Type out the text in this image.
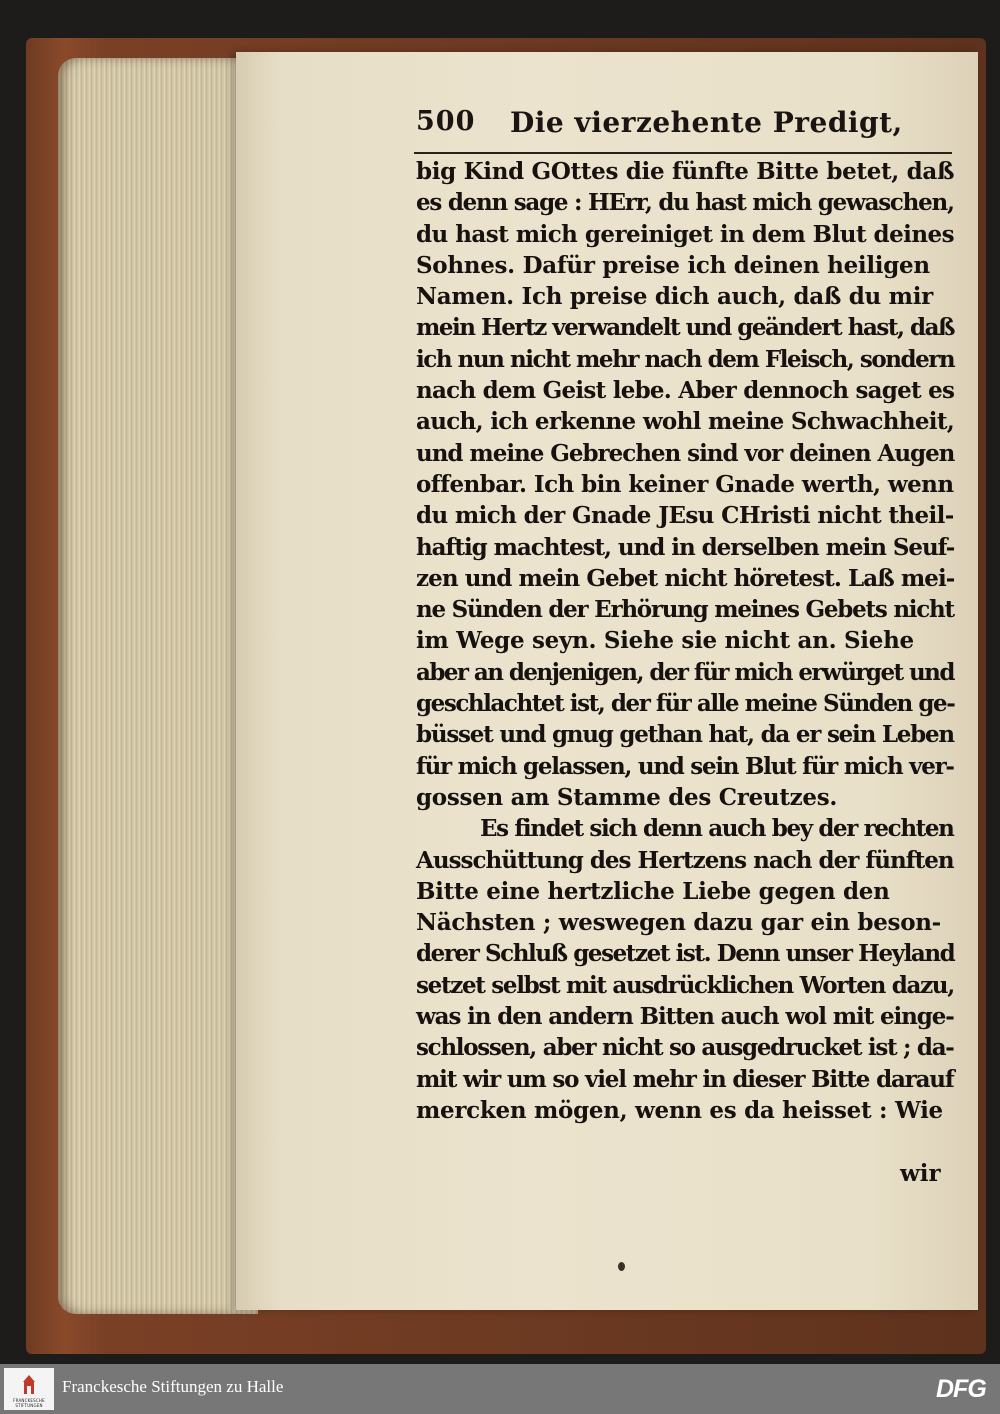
500 Die vierzehente Predigt,
big Kind GOttes die fünfte Bitte betet, daß
es denn sage : HErr, du hast mich gewaschen,
du hast mich gereiniget in dem Blut deines
Sohnes. Dafür preise ich deinen heiligen
Namen. Ich preise dich auch, daß du mir
mein Hertz verwandelt und geändert hast, daß
ich nun nicht mehr nach dem Fleisch, sondern
nach dem Geist lebe. Aber dennoch saget es
auch, ich erkenne wohl meine Schwachheit,
und meine Gebrechen sind vor deinen Augen
offenbar. Ich bin keiner Gnade werth, wenn
du mich der Gnade JEsu CHristi nicht theil-
haftig machtest, und in derselben mein Seuf-
zen und mein Gebet nicht höretest. Laß mei-
ne Sünden der Erhörung meines Gebets nicht
im Wege seyn. Siehe sie nicht an. Siehe
aber an denjenigen, der für mich erwürget und
geschlachtet ist, der für alle meine Sünden ge-
büsset und gnug gethan hat, da er sein Leben
für mich gelassen, und sein Blut für mich ver-
gossen am Stamme des Creutzes.
Es findet sich denn auch bey der rechten
Ausschüttung des Hertzens nach der fünften
Bitte eine hertzliche Liebe gegen den
Nächsten ; weswegen dazu gar ein beson-
derer Schluß gesetzet ist. Denn unser Heyland
setzet selbst mit ausdrücklichen Worten dazu,
was in den andern Bitten auch wol mit einge-
schlossen, aber nicht so ausgedrucket ist ; da-
mit wir um so viel mehr in dieser Bitte darauf
mercken mögen, wenn es da heisset : Wie
wir
FRANCKESCHE
STIFTUNGEN
Franckesche Stiftungen zu Halle	DFG
